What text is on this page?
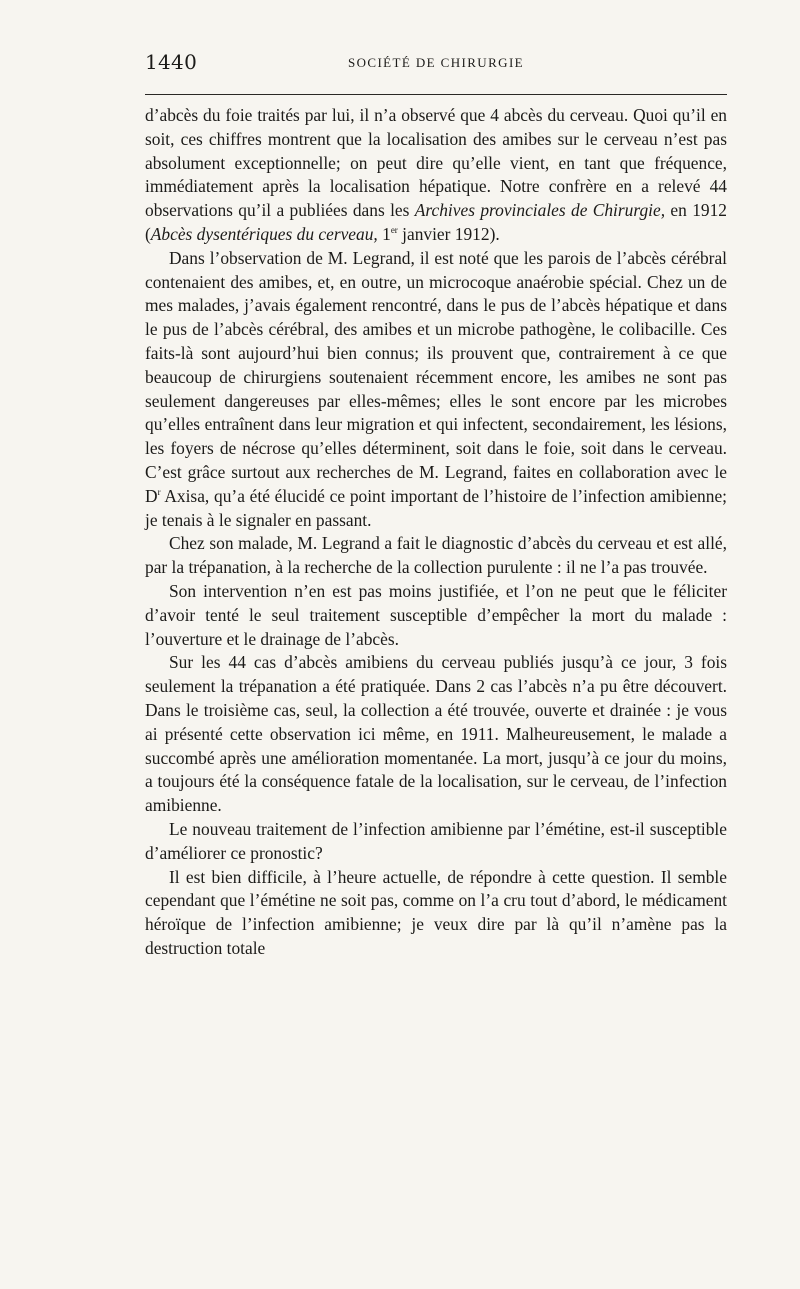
1440	SOCIÉTÉ DE CHIRURGIE

d’abcès du foie traités par lui, il n’a observé que 4 abcès du cerveau. Quoi qu’il en soit, ces chiffres montrent que la localisation des amibes sur le cerveau n’est pas absolument exceptionnelle; on peut dire qu’elle vient, en tant que fréquence, immédiatement après la localisation hépatique. Notre confrère en a relevé 44 observations qu’il a publiées dans les Archives provinciales de Chirurgie, en 1912 (Abcès dysentériques du cerveau, 1er janvier 1912).

Dans l’observation de M. Legrand, il est noté que les parois de l’abcès cérébral contenaient des amibes, et, en outre, un microcoque anaérobie spécial. Chez un de mes malades, j’avais également rencontré, dans le pus de l’abcès hépatique et dans le pus de l’abcès cérébral, des amibes et un microbe pathogène, le colibacille. Ces faits-là sont aujourd’hui bien connus; ils prouvent que, contrairement à ce que beaucoup de chirurgiens soutenaient récemment encore, les amibes ne sont pas seulement dangereuses par elles-mêmes; elles le sont encore par les microbes qu’elles entraînent dans leur migration et qui infectent, secondairement, les lésions, les foyers de nécrose qu’elles déterminent, soit dans le foie, soit dans le cerveau. C’est grâce surtout aux recherches de M. Legrand, faites en collaboration avec le $D^r$ Axisa, qu’a été élucidé ce point important de l’histoire de l’infection amibienne; je tenais à le signaler en passant.

Chez son malade, M. Legrand a fait le diagnostic d’abcès du cerveau et est allé, par la trépanation, à la recherche de la collection purulente : il ne l’a pas trouvée.

Son intervention n’en est pas moins justifiée, et l’on ne peut que le féliciter d’avoir tenté le seul traitement susceptible d’empêcher la mort du malade : l’ouverture et le drainage de l’abcès.

Sur les 44 cas d’abcès amibiens du cerveau publiés jusqu’à ce jour, 3 fois seulement la trépanation a été pratiquée. Dans 2 cas l’abcès n’a pu être découvert. Dans le troisième cas, seul, la collection a été trouvée, ouverte et drainée : je vous ai présenté cette observation ici même, en 1911. Malheureusement, le malade a succombé après une amélioration momentanée. La mort, jusqu’à ce jour du moins, a toujours été la conséquence fatale de la localisation, sur le cerveau, de l’infection amibienne.

Le nouveau traitement de l’infection amibienne par l’émétine, est-il susceptible d’améliorer ce pronostic?

Il est bien difficile, à l’heure actuelle, de répondre à cette question. Il semble cependant que l’émétine ne soit pas, comme on l’a cru tout d’abord, le médicament héroïque de l’infection amibienne; je veux dire par là qu’il n’amène pas la destruction totale
